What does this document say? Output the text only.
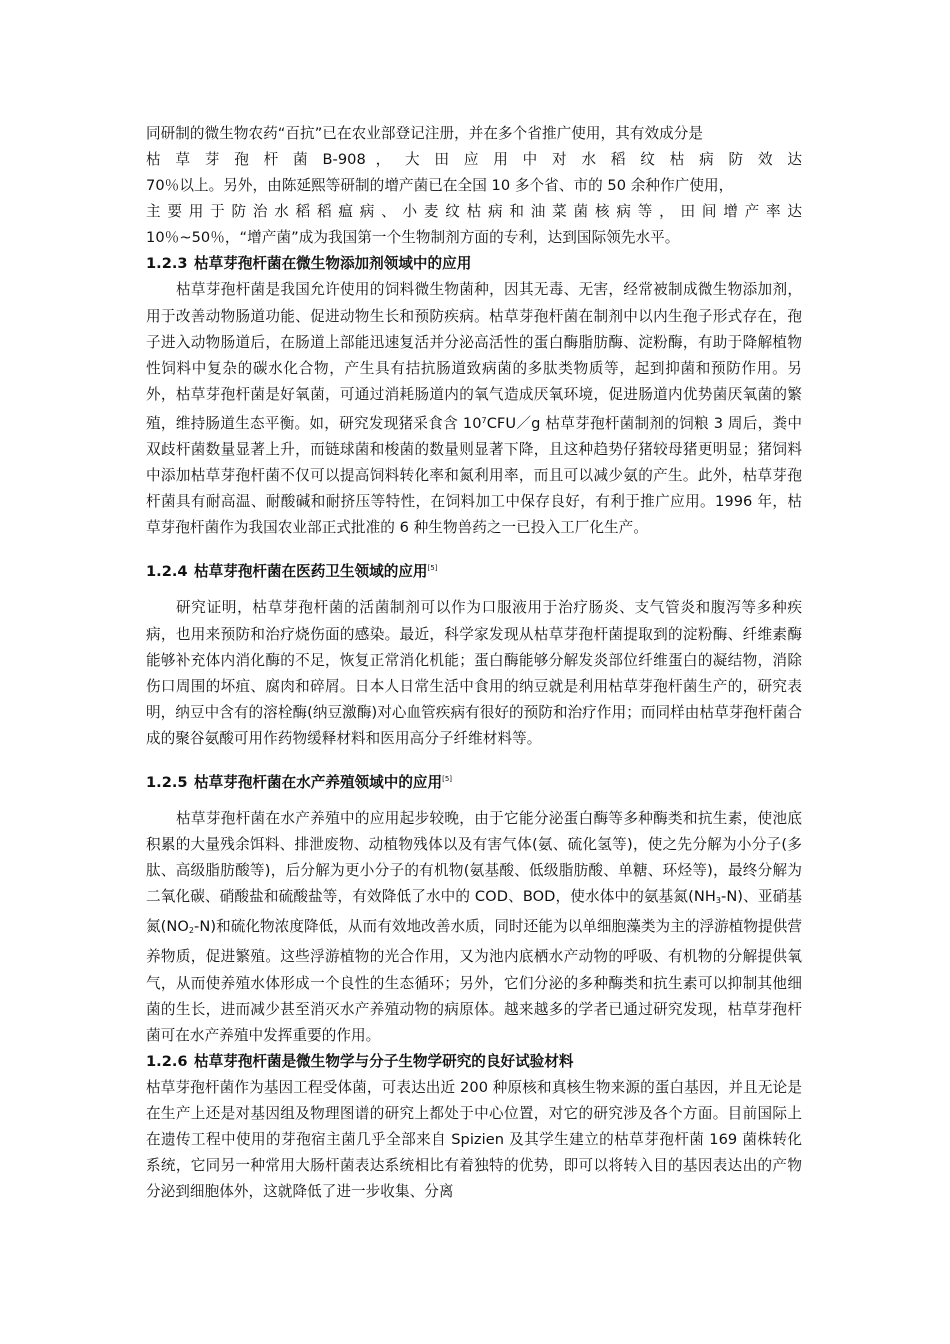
同研制的微生物农药“百抗”已在农业部登记注册，并在多个省推广使用，其有效成分是

枯 草 芽 孢 杆 菌 B-908 ， 大 田 应 用 中 对 水 稻 纹 枯 病 防 效 达

70％以上。另外，由陈延熙等研制的增产菌已在全国 10 多个省、市的 50 余种作广使用，

主 要 用 于 防 治 水 稻 稻 瘟 病 、 小 麦 纹 枯 病 和 油 菜 菌 核 病 等 ， 田 间 增 产 率 达

10％~50％，“增产菌”成为我国第一个生物制剂方面的专利，达到国际领先水平。

1.2.3 枯草芽孢杆菌在微生物添加剂领域中的应用

枯草芽孢杆菌是我国允许使用的饲料微生物菌种，因其无毒、无害，经常被制成微生物添加剂，用于改善动物肠道功能、促进动物生长和预防疾病。枯草芽孢杆菌在制剂中以内生孢子形式存在，孢子进入动物肠道后，在肠道上部能迅速复活并分泌高活性的蛋白酶脂肪酶、淀粉酶，有助于降解植物性饲料中复杂的碳水化合物，产生具有拮抗肠道致病菌的多肽类物质等，起到抑菌和预防作用。另外，枯草芽孢杆菌是好氧菌，可通过消耗肠道内的氧气造成厌氧环境，促进肠道内优势菌厌氧菌的繁殖，维持肠道生态平衡。如，研究发现猪采食含 $10^7CFU/g$ 枯草芽孢杆菌制剂的饲粮 3 周后，粪中双歧杆菌数量显著上升，而链球菌和梭菌的数量则显著下降，且这种趋势仔猪较母猪更明显；猪饲料中添加枯草芽孢杆菌不仅可以提高饲料转化率和氮利用率，而且可以减少氨的产生。此外，枯草芽孢杆菌具有耐高温、耐酸碱和耐挤压等特性，在饲料加工中保存良好，有利于推广应用。1996 年，枯草芽孢杆菌作为我国农业部正式批准的 6 种生物兽药之一已投入工厂化生产。

1.2.4 枯草芽孢杆菌在医药卫生领域的应用[5]

研究证明，枯草芽孢杆菌的活菌制剂可以作为口服液用于治疗肠炎、支气管炎和腹泻等多种疾病，也用来预防和治疗烧伤面的感染。最近，科学家发现从枯草芽孢杆菌提取到的淀粉酶、纤维素酶能够补充体内消化酶的不足，恢复正常消化机能；蛋白酶能够分解发炎部位纤维蛋白的凝结物，消除伤口周围的坏疽、腐肉和碎屑。日本人日常生活中食用的纳豆就是利用枯草芽孢杆菌生产的，研究表明，纳豆中含有的溶栓酶(纳豆激酶)对心血管疾病有很好的预防和治疗作用；而同样由枯草芽孢杆菌合成的聚谷氨酸可用作药物缓释材料和医用高分子纤维材料等。

1.2.5 枯草芽孢杆菌在水产养殖领域中的应用[5]

枯草芽孢杆菌在水产养殖中的应用起步较晚，由于它能分泌蛋白酶等多种酶类和抗生素，使池底积累的大量残余饵料、排泄废物、动植物残体以及有害气体(氨、硫化氢等)，使之先分解为小分子(多肽、高级脂肪酸等)，后分解为更小分子的有机物(氨基酸、低级脂肪酸、单糖、环烃等)，最终分解为二氧化碳、硝酸盐和硫酸盐等，有效降低了水中的 COD、BOD，使水体中的氨基氮$(NH_3-N)$、亚硝基氮$(NO_2-N)$和硫化物浓度降低，从而有效地改善水质，同时还能为以单细胞藻类为主的浮游植物提供营养物质，促进繁殖。这些浮游植物的光合作用，又为池内底栖水产动物的呼吸、有机物的分解提供氧气，从而使养殖水体形成一个良性的生态循环；另外，它们分泌的多种酶类和抗生素可以抑制其他细菌的生长，进而减少甚至消灭水产养殖动物的病原体。越来越多的学者已通过研究发现，枯草芽孢杆菌可在水产养殖中发挥重要的作用。

1.2.6 枯草芽孢杆菌是微生物学与分子生物学研究的良好试验材料

枯草芽孢杆菌作为基因工程受体菌，可表达出近 200 种原核和真核生物来源的蛋白基因，并且无论是在生产上还是对基因组及物理图谱的研究上都处于中心位置，对它的研究涉及各个方面。目前国际上在遗传工程中使用的芽孢宿主菌几乎全部来自 Spizien 及其学生建立的枯草芽孢杆菌 169 菌株转化系统，它同另一种常用大肠杆菌表达系统相比有着独特的优势，即可以将转入目的基因表达出的产物分泌到细胞体外，这就降低了进一步收集、分离
